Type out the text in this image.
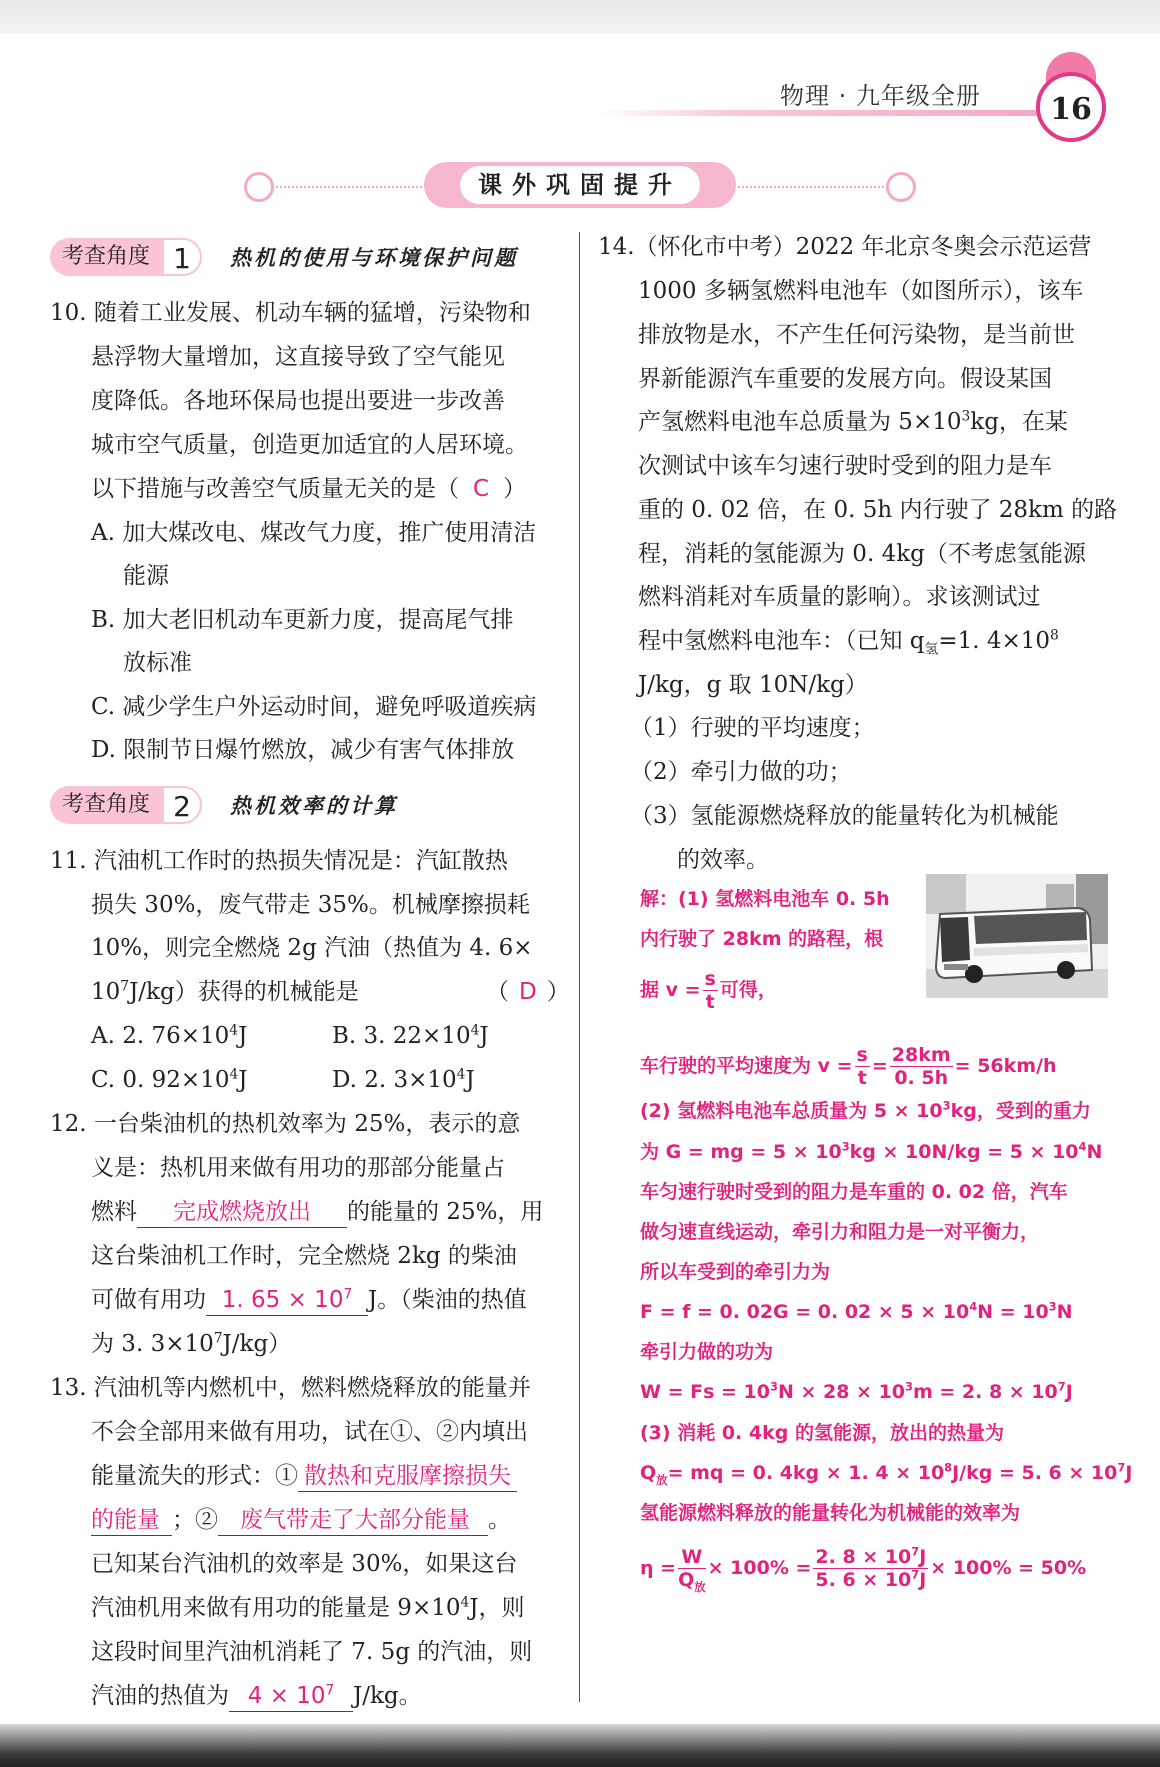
物理 · 九年级全册	16
课外巩固提升
考查角度 1	热机的使用与环境保护问题
10. 随着工业发展、机动车辆的猛增，污染物和
悬浮物大量增加，这直接导致了空气能见
度降低。各地环保局也提出要进一步改善
城市空气质量，创造更加适宜的人居环境。
以下措施与改善空气质量无关的是（ C ）
A. 加大煤改电、煤改气力度，推广使用清洁
能源
B. 加大老旧机动车更新力度，提高尾气排
放标准
C. 减少学生户外运动时间，避免呼吸道疾病
D. 限制节日爆竹燃放，减少有害气体排放
考查角度 2	热机效率的计算
11. 汽油机工作时的热损失情况是：汽缸散热
损失 30%，废气带走 35%。机械摩擦损耗
10%，则完全燃烧 2g 汽油（热值为 4. 6×
$10^7J/kg$）获得的机械能是	（ D ）
A. 2. $76\times 10^4J$	B. 3. $22\times 10^4J$
C. 0. $92\times 10^4J$	D. 2. $3\times 10^4J$
12. 一台柴油机的热机效率为 25%，表示的意
义是：热机用来做有用功的那部分能量占
燃料 完成燃烧放出 的能量的 25%，用
这台柴油机工作时，完全燃烧 2kg 的柴油
可做有用功 1. $65 \times 10^7$ J。（柴油的热值
为 3. $3\times 10^7J/kg$）
13. 汽油机等内燃机中，燃料燃烧释放的能量并
不会全部用来做有用功，试在①、②内填出
能量流失的形式：① 散热和克服摩擦损失
的能量 ；② 废气带走了大部分能量 。
已知某台汽油机的效率是 30%，如果这台
汽油机用来做有用功的能量是 $9\times 10^4J$，则
这段时间里汽油机消耗了 7. 5g 的汽油，则
汽油的热值为 $4 \times 10^7$ J/kg。
14.（怀化市中考）2022 年北京冬奥会示范运营
1000 多辆氢燃料电池车（如图所示），该车
排放物是水，不产生任何污染物，是当前世
界新能源汽车重要的发展方向。假设某国
产氢燃料电池车总质量为 $5\times 10^3kg$，在某
次测试中该车匀速行驶时受到的阻力是车
重的 0. 02 倍，在 0. 5h 内行驶了 28km 的路
程，消耗的氢能源为 0. 4kg（不考虑氢能源
燃料消耗对车质量的影响）。求该测试过
程中氢燃料电池车：（已知 $q_氢=1$. $4\times 10^8$
J/kg，g 取 10N/kg）
（1）行驶的平均速度；
（2）牵引力做的功；
（3）氢能源燃烧释放的能量转化为机械能
的效率。
解：(1) 氢燃料电池车 0. 5h
内行驶了 28km 的路程，根
据 $v = \frac{s}{t}$ 可得，
车行驶的平均速度为 $v = \frac{s}{t} = \frac{28km}{0. 5h} = 56km/h$
(2) 氢燃料电池车总质量为 $5 \times 10^3kg$，受到的重力
为 G = mg = $5 \times 10^3kg \times 10N/kg = 5 \times 10^4N$
车匀速行驶时受到的阻力是车重的 0. 02 倍，汽车
做匀速直线运动，牵引力和阻力是一对平衡力，
所以车受到的牵引力为
F = f = 0. 02G = 0. $02 \times 5 \times 10^4N = 10^3N$
牵引力做的功为
$W = Fs = 10^3N \times 28 \times 10^3m = 2$. $8 \times 10^7J$
(3) 消耗 0. 4kg 的氢能源，放出的热量为
$Q_放=$ mq = 0. 4kg × 1. $4 \times 10^8J/kg = 5$. $6 \times 10^7J$
氢能源燃料释放的能量转化为机械能的效率为
$\eta = \frac{W}{Q_放} \times 100\% = \frac{2. 8 \times 10^7J}{5. 6 \times 10^7J} \times 100\% = 50\%$
